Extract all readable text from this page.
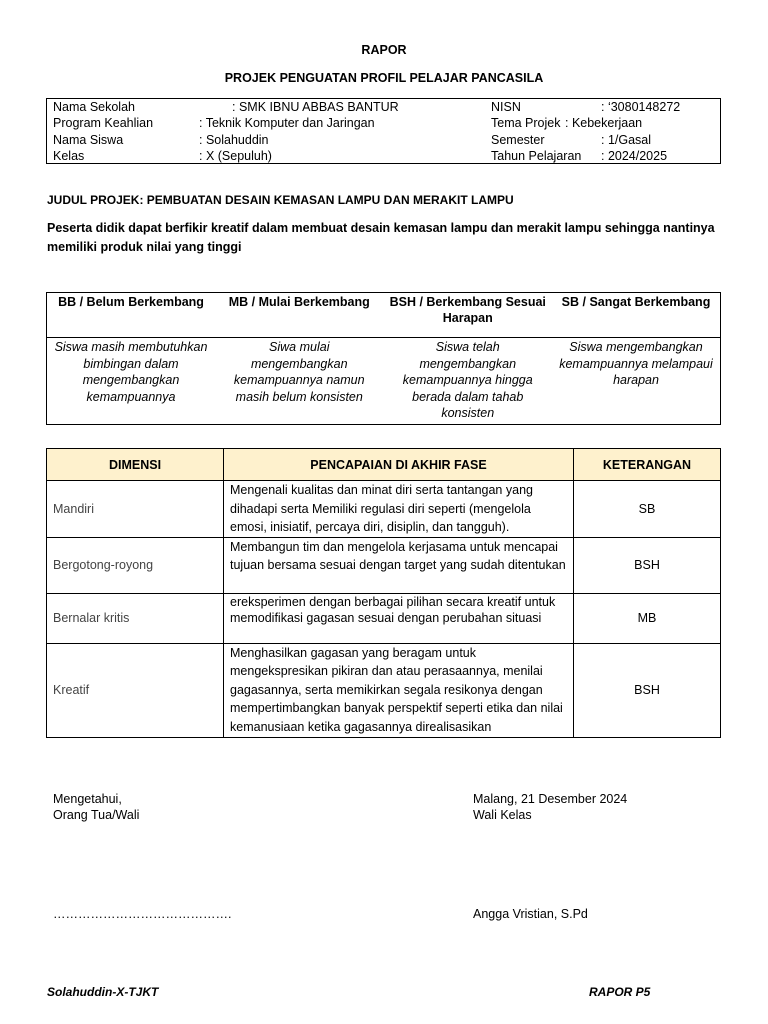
RAPOR
PROJEK PENGUATAN PROFIL PELAJAR PANCASILA
Nama Sekolah	: SMK IBNU ABBAS BANTUR	NISN	: ‘3080148272
Program Keahlian	: Teknik Komputer dan Jaringan	Tema Projek : Kebekerjaan
Nama Siswa	: Solahuddin	Semester	: 1/Gasal
Kelas	: X (Sepuluh)	Tahun Pelajaran : 2024/2025
JUDUL PROJEK: PEMBUATAN DESAIN KEMASAN LAMPU DAN MERAKIT LAMPU
Peserta didik dapat berfikir kreatif dalam membuat desain kemasan lampu dan merakit lampu sehingga nantinya memiliki produk nilai yang tinggi
BB / Belum Berkembang	MB / Mulai Berkembang	BSH / Berkembang Sesuai Harapan	SB / Sangat Berkembang
Siswa masih membutuhkan bimbingan dalam mengembangkan kemampuannya	Siwa mulai mengembangkan kemampuannya namun masih belum konsisten	Siswa telah mengembangkan kemampuannya hingga berada dalam tahab konsisten	Siswa mengembangkan kemampuannya melampaui harapan
DIMENSI	PENCAPAIAN DI AKHIR FASE	KETERANGAN
Mandiri	Mengenali kualitas dan minat diri serta tantangan yang dihadapi serta Memiliki regulasi diri seperti (mengelola emosi, inisiatif, percaya diri, disiplin, dan tangguh).	SB
Bergotong-royong	Membangun tim dan mengelola kerjasama untuk mencapai tujuan bersama sesuai dengan target yang sudah ditentukan	BSH
Bernalar kritis	ereksperimen dengan berbagai pilihan secara kreatif untuk memodifikasi gagasan sesuai dengan perubahan situasi	MB
Kreatif	Menghasilkan gagasan yang beragam untuk mengekspresikan pikiran dan atau perasaannya, menilai gagasannya, serta memikirkan segala resikonya dengan mempertimbangkan banyak perspektif seperti etika dan nilai kemanusiaan ketika gagasannya direalisasikan	BSH
Mengetahui,
Orang Tua/Wali
Malang, 21 Desember 2024
Wali Kelas
…………………………………….	Angga Vristian, S.Pd
Solahuddin-X-TJKT	RAPOR P5
